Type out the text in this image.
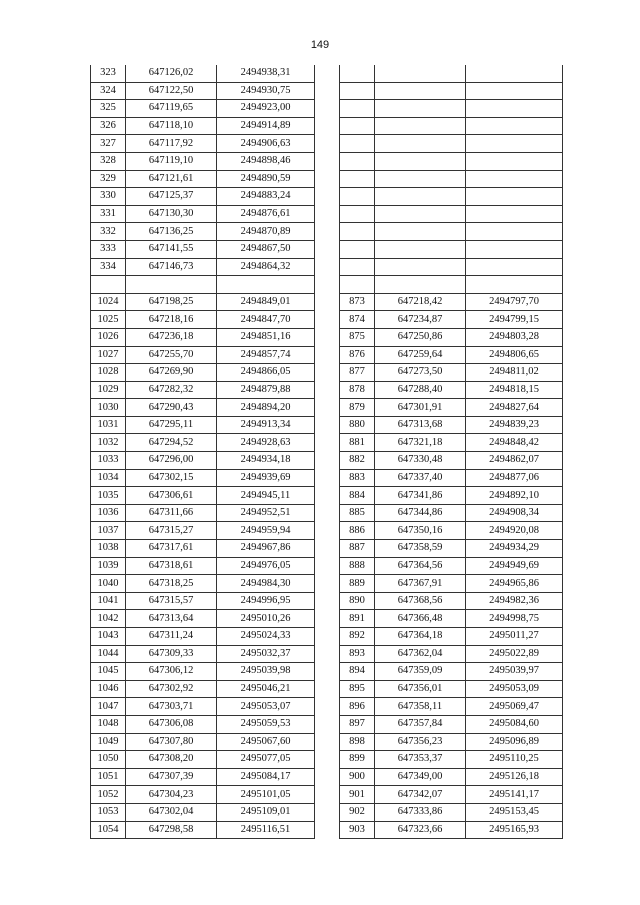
149
323	647126,02	2494938,31
324	647122,50	2494930,75
325	647119,65	2494923,00
326	647118,10	2494914,89
327	647117,92	2494906,63
328	647119,10	2494898,46
329	647121,61	2494890,59
330	647125,37	2494883,24
331	647130,30	2494876,61
332	647136,25	2494870,89
333	647141,55	2494867,50
334	647146,73	2494864,32

1024	647198,25	2494849,01
1025	647218,16	2494847,70
1026	647236,18	2494851,16
1027	647255,70	2494857,74
1028	647269,90	2494866,05
1029	647282,32	2494879,88
1030	647290,43	2494894,20
1031	647295,11	2494913,34
1032	647294,52	2494928,63
1033	647296,00	2494934,18
1034	647302,15	2494939,69
1035	647306,61	2494945,11
1036	647311,66	2494952,51
1037	647315,27	2494959,94
1038	647317,61	2494967,86
1039	647318,61	2494976,05
1040	647318,25	2494984,30
1041	647315,57	2494996,95
1042	647313,64	2495010,26
1043	647311,24	2495024,33
1044	647309,33	2495032,37
1045	647306,12	2495039,98
1046	647302,92	2495046,21
1047	647303,71	2495053,07
1048	647306,08	2495059,53
1049	647307,80	2495067,60
1050	647308,20	2495077,05
1051	647307,39	2495084,17
1052	647304,23	2495101,05
1053	647302,04	2495109,01
1054	647298,58	2495116,51

873	647218,42	2494797,70
874	647234,87	2494799,15
875	647250,86	2494803,28
876	647259,64	2494806,65
877	647273,50	2494811,02
878	647288,40	2494818,15
879	647301,91	2494827,64
880	647313,68	2494839,23
881	647321,18	2494848,42
882	647330,48	2494862,07
883	647337,40	2494877,06
884	647341,86	2494892,10
885	647344,86	2494908,34
886	647350,16	2494920,08
887	647358,59	2494934,29
888	647364,56	2494949,69
889	647367,91	2494965,86
890	647368,56	2494982,36
891	647366,48	2494998,75
892	647364,18	2495011,27
893	647362,04	2495022,89
894	647359,09	2495039,97
895	647356,01	2495053,09
896	647358,11	2495069,47
897	647357,84	2495084,60
898	647356,23	2495096,89
899	647353,37	2495110,25
900	647349,00	2495126,18
901	647342,07	2495141,17
902	647333,86	2495153,45
903	647323,66	2495165,93
